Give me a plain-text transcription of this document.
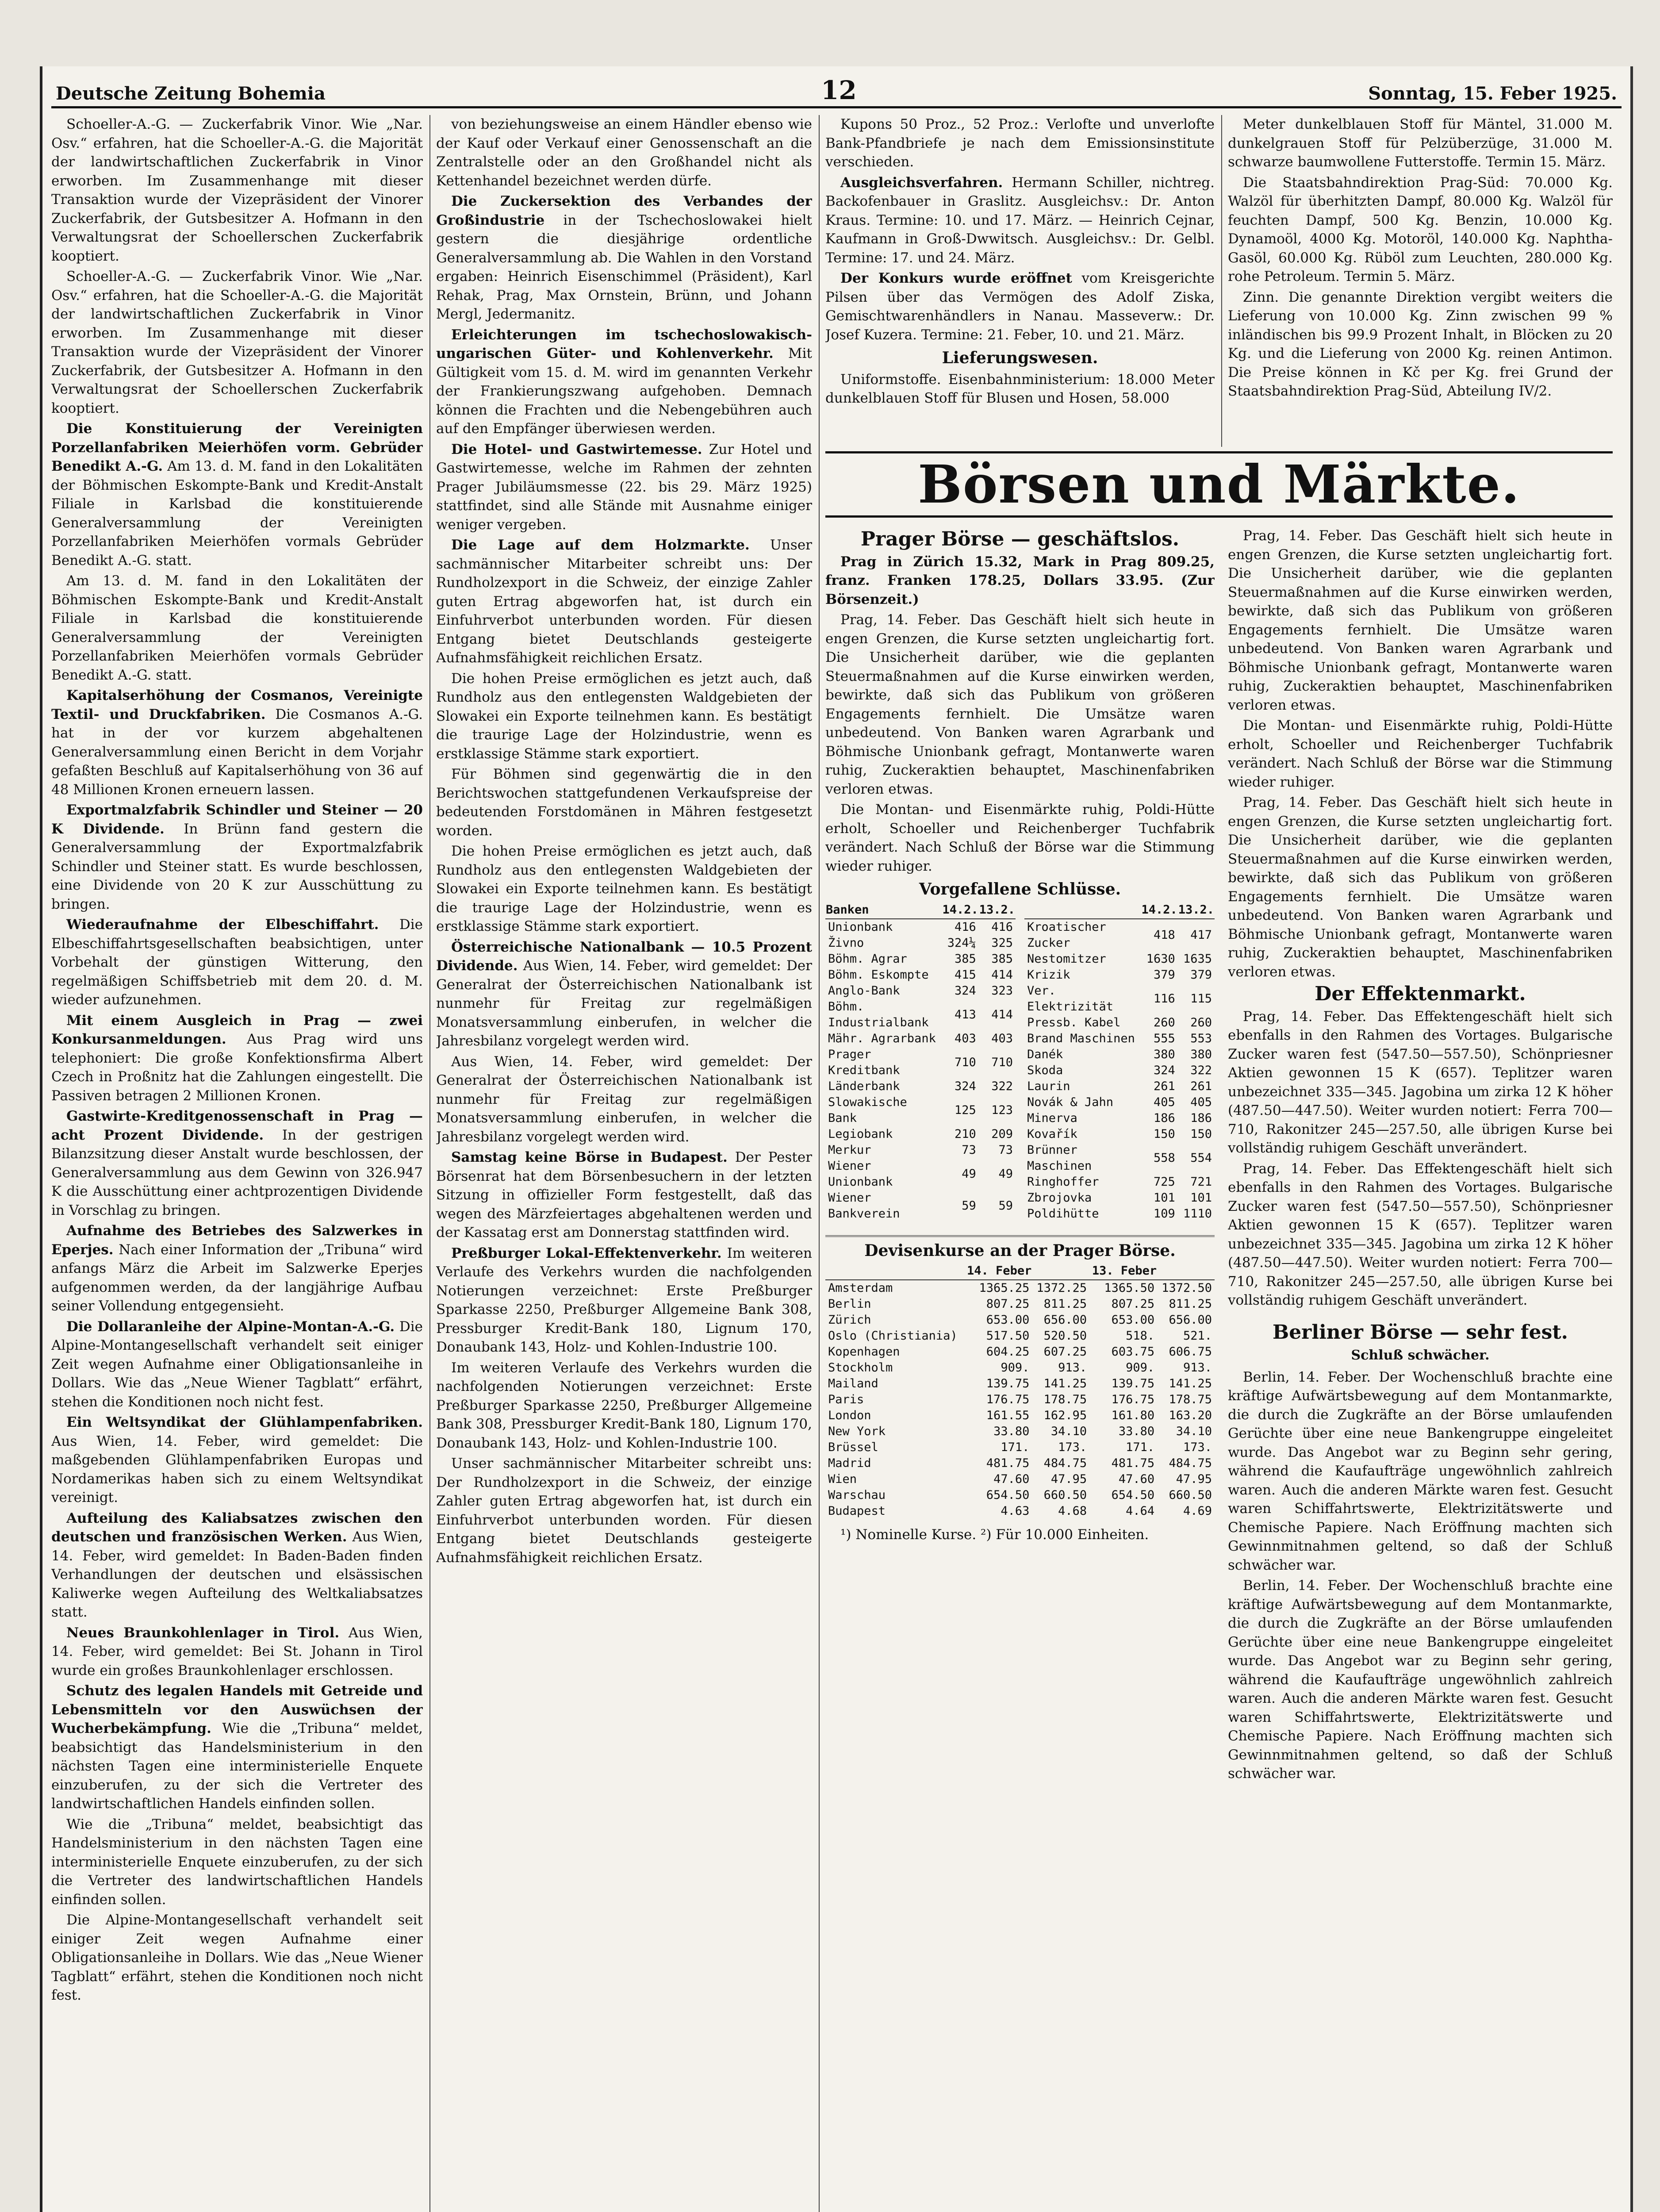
Deutsche Zeitung Bohemia	12	Sonntag, 15. Feber 1925.

Schoeller-A.-G. — Zuckerfabrik Vinor. Wie „Nar. Osv.“ erfahren, hat die Schoeller-A.-G. die Majorität der landwirtschaftlichen Zuckerfabrik in Vinor erworben. Im Zusammenhange mit dieser Transaktion wurde der Vizepräsident der Vinorer Zuckerfabrik, der Gutsbesitzer A. Hofmann in den Verwaltungsrat der Schoellerschen Zuckerfabrik kooptiert.

Schoeller-A.-G. — Zuckerfabrik Vinor. Wie „Nar. Osv.“ erfahren, hat die Schoeller-A.-G. die Majorität der landwirtschaftlichen Zuckerfabrik in Vinor erworben. Im Zusammenhange mit dieser Transaktion wurde der Vizepräsident der Vinorer Zuckerfabrik, der Gutsbesitzer A. Hofmann in den Verwaltungsrat der Schoellerschen Zuckerfabrik kooptiert.

Die Konstituierung der Vereinigten Porzellanfabriken Meierhöfen vorm. Gebrüder Benedikt A.-G. Am 13. d. M. fand in den Lokalitäten der Böhmischen Eskompte-Bank und Kredit-Anstalt Filiale in Karlsbad die konstituierende Generalversammlung der Vereinigten Porzellanfabriken Meierhöfen vormals Gebrüder Benedikt A.-G. statt.

Am 13. d. M. fand in den Lokalitäten der Böhmischen Eskompte-Bank und Kredit-Anstalt Filiale in Karlsbad die konstituierende Generalversammlung der Vereinigten Porzellanfabriken Meierhöfen vormals Gebrüder Benedikt A.-G. statt.

Kapitalserhöhung der Cosmanos, Vereinigte Textil- und Druckfabriken. Die Cosmanos A.-G. hat in der vor kurzem abgehaltenen Generalversammlung einen Bericht in dem Vorjahr gefaßten Beschluß auf Kapitalserhöhung von 36 auf 48 Millionen Kronen erneuern lassen.

Exportmalzfabrik Schindler und Steiner — 20 K Dividende. In Brünn fand gestern die Generalversammlung der Exportmalzfabrik Schindler und Steiner statt. Es wurde beschlossen, eine Dividende von 20 K zur Ausschüttung zu bringen.

Wiederaufnahme der Elbeschiffahrt. Die Elbeschiffahrtsgesellschaften beabsichtigen, unter Vorbehalt der günstigen Witterung, den regelmäßigen Schiffsbetrieb mit dem 20. d. M. wieder aufzunehmen.

Mit einem Ausgleich in Prag — zwei Konkursanmeldungen. Aus Prag wird uns telephoniert: Die große Konfektionsfirma Albert Czech in Proßnitz hat die Zahlungen eingestellt. Die Passiven betragen 2 Millionen Kronen.

Gastwirte-Kreditgenossenschaft in Prag — acht Prozent Dividende. In der gestrigen Bilanzsitzung dieser Anstalt wurde beschlossen, der Generalversammlung aus dem Gewinn von 326.947 K die Ausschüttung einer achtprozentigen Dividende in Vorschlag zu bringen.

Aufnahme des Betriebes des Salzwerkes in Eperjes. Nach einer Information der „Tribuna“ wird anfangs März die Arbeit im Salzwerke Eperjes aufgenommen werden, da der langjährige Aufbau seiner Vollendung entgegensieht.

Die Dollaranleihe der Alpine-Montan-A.-G. Die Alpine-Montangesellschaft verhandelt seit einiger Zeit wegen Aufnahme einer Obligationsanleihe in Dollars. Wie das „Neue Wiener Tagblatt“ erfährt, stehen die Konditionen noch nicht fest.

Ein Weltsyndikat der Glühlampenfabriken. Aus Wien, 14. Feber, wird gemeldet: Die maßgebenden Glühlampenfabriken Europas und Nordamerikas haben sich zu einem Weltsyndikat vereinigt.

Aufteilung des Kaliabsatzes zwischen den deutschen und französischen Werken. Aus Wien, 14. Feber, wird gemeldet: In Baden-Baden finden Verhandlungen der deutschen und elsässischen Kaliwerke wegen Aufteilung des Weltkaliabsatzes statt.

Neues Braunkohlenlager in Tirol. Aus Wien, 14. Feber, wird gemeldet: Bei St. Johann in Tirol wurde ein großes Braunkohlenlager erschlossen.

Schutz des legalen Handels mit Getreide und Lebensmitteln vor den Auswüchsen der Wucherbekämpfung. Wie die „Tribuna“ meldet, beabsichtigt das Handelsministerium in den nächsten Tagen eine interministerielle Enquete einzuberufen, zu der sich die Vertreter des landwirtschaftlichen Handels einfinden sollen.

Wie die „Tribuna“ meldet, beabsichtigt das Handelsministerium in den nächsten Tagen eine interministerielle Enquete einzuberufen, zu der sich die Vertreter des landwirtschaftlichen Handels einfinden sollen.

Die Alpine-Montangesellschaft verhandelt seit einiger Zeit wegen Aufnahme einer Obligationsanleihe in Dollars. Wie das „Neue Wiener Tagblatt“ erfährt, stehen die Konditionen noch nicht fest.

von beziehungsweise an einem Händler ebenso wie der Kauf oder Verkauf einer Genossenschaft an die Zentralstelle oder an den Großhandel nicht als Kettenhandel bezeichnet werden dürfe.

Die Zuckersektion des Verbandes der Großindustrie in der Tschechoslowakei hielt gestern die diesjährige ordentliche Generalversammlung ab. Die Wahlen in den Vorstand ergaben: Heinrich Eisenschimmel (Präsident), Karl Rehak, Prag, Max Ornstein, Brünn, und Johann Mergl, Jedermanitz.

Erleichterungen im tschechoslowakisch-ungarischen Güter- und Kohlenverkehr. Mit Gültigkeit vom 15. d. M. wird im genannten Verkehr der Frankierungszwang aufgehoben. Demnach können die Frachten und die Nebengebühren auch auf den Empfänger überwiesen werden.

Die Hotel- und Gastwirtemesse. Zur Hotel und Gastwirtemesse, welche im Rahmen der zehnten Prager Jubiläumsmesse (22. bis 29. März 1925) stattfindet, sind alle Stände mit Ausnahme einiger weniger vergeben.

Die Lage auf dem Holzmarkte. Unser sachmännischer Mitarbeiter schreibt uns: Der Rundholzexport in die Schweiz, der einzige Zahler guten Ertrag abgeworfen hat, ist durch ein Einfuhrverbot unterbunden worden. Für diesen Entgang bietet Deutschlands gesteigerte Aufnahmsfähigkeit reichlichen Ersatz.

Die hohen Preise ermöglichen es jetzt auch, daß Rundholz aus den entlegensten Waldgebieten der Slowakei ein Exporte teilnehmen kann. Es bestätigt die traurige Lage der Holzindustrie, wenn es erstklassige Stämme stark exportiert.

Für Böhmen sind gegenwärtig die in den Berichtswochen stattgefundenen Verkaufspreise der bedeutenden Forstdomänen in Mähren festgesetzt worden.

Die hohen Preise ermöglichen es jetzt auch, daß Rundholz aus den entlegensten Waldgebieten der Slowakei ein Exporte teilnehmen kann. Es bestätigt die traurige Lage der Holzindustrie, wenn es erstklassige Stämme stark exportiert.

Österreichische Nationalbank — 10.5 Prozent Dividende. Aus Wien, 14. Feber, wird gemeldet: Der Generalrat der Österreichischen Nationalbank ist nunmehr für Freitag zur regelmäßigen Monatsversammlung einberufen, in welcher die Jahresbilanz vorgelegt werden wird.

Aus Wien, 14. Feber, wird gemeldet: Der Generalrat der Österreichischen Nationalbank ist nunmehr für Freitag zur regelmäßigen Monatsversammlung einberufen, in welcher die Jahresbilanz vorgelegt werden wird.

Samstag keine Börse in Budapest. Der Pester Börsenrat hat dem Börsenbesuchern in der letzten Sitzung in offizieller Form festgestellt, daß das wegen des Märzfeiertages abgehaltenen werden und der Kassatag erst am Donnerstag stattfinden wird.

Preßburger Lokal-Effektenverkehr. Im weiteren Verlaufe des Verkehrs wurden die nachfolgenden Notierungen verzeichnet: Erste Preßburger Sparkasse 2250, Preßburger Allgemeine Bank 308, Pressburger Kredit-Bank 180, Lignum 170, Donaubank 143, Holz- und Kohlen-Industrie 100.

Im weiteren Verlaufe des Verkehrs wurden die nachfolgenden Notierungen verzeichnet: Erste Preßburger Sparkasse 2250, Preßburger Allgemeine Bank 308, Pressburger Kredit-Bank 180, Lignum 170, Donaubank 143, Holz- und Kohlen-Industrie 100.

Unser sachmännischer Mitarbeiter schreibt uns: Der Rundholzexport in die Schweiz, der einzige Zahler guten Ertrag abgeworfen hat, ist durch ein Einfuhrverbot unterbunden worden. Für diesen Entgang bietet Deutschlands gesteigerte Aufnahmsfähigkeit reichlichen Ersatz.

Kupons 50 Proz., 52 Proz.: Verlofte und unverlofte Bank-Pfandbriefe je nach dem Emissionsinstitute verschieden.

Ausgleichsverfahren. Hermann Schiller, nichtreg. Backofenbauer in Graslitz. Ausgleichsv.: Dr. Anton Kraus. Termine: 10. und 17. März. — Heinrich Cejnar, Kaufmann in Groß-Dwwitsch. Ausgleichsv.: Dr. Gelbl. Termine: 17. und 24. März.

Der Konkurs wurde eröffnet vom Kreisgerichte Pilsen über das Vermögen des Adolf Ziska, Gemischtwarenhändlers in Nanau. Masseverw.: Dr. Josef Kuzera. Termine: 21. Feber, 10. und 21. März.

Lieferungswesen.

Uniformstoffe. Eisenbahnministerium: 18.000 Meter dunkelblauen Stoff für Blusen und Hosen, 58.000

Meter dunkelblauen Stoff für Mäntel, 31.000 M. dunkelgrauen Stoff für Pelzüberzüge, 31.000 M. schwarze baumwollene Futterstoffe. Termin 15. März.

Die Staatsbahndirektion Prag-Süd: 70.000 Kg. Walzöl für überhitzten Dampf, 80.000 Kg. Walzöl für feuchten Dampf, 500 Kg. Benzin, 10.000 Kg. Dynamoöl, 4000 Kg. Motoröl, 140.000 Kg. Naphtha-Gasöl, 60.000 Kg. Rüböl zum Leuchten, 280.000 Kg. rohe Petroleum. Termin 5. März.

Zinn. Die genannte Direktion vergibt weiters die Lieferung von 10.000 Kg. Zinn zwischen 99 % inländischen bis 99.9 Prozent Inhalt, in Blöcken zu 20 Kg. und die Lieferung von 2000 Kg. reinen Antimon. Die Preise können in Kč per Kg. frei Grund der Staatsbahndirektion Prag-Süd, Abteilung IV/2.

Börsen und Märkte.
Prager Börse — geschäftslos.

Prag in Zürich 15.32, Mark in Prag 809.25, franz. Franken 178.25, Dollars 33.95. (Zur Börsenzeit.)

Prag, 14. Feber. Das Geschäft hielt sich heute in engen Grenzen, die Kurse setzten ungleichartig fort. Die Unsicherheit darüber, wie die geplanten Steuermaßnahmen auf die Kurse einwirken werden, bewirkte, daß sich das Publikum von größeren Engagements fernhielt. Die Umsätze waren unbedeutend. Von Banken waren Agrarbank und Böhmische Unionbank gefragt, Montanwerte waren ruhig, Zuckeraktien behauptet, Maschinenfabriken verloren etwas.

Die Montan- und Eisenmärkte ruhig, Poldi-Hütte erholt, Schoeller und Reichenberger Tuchfabrik verändert. Nach Schluß der Börse war die Stimmung wieder ruhiger.

Vorgefallene Schlüsse.
Banken	14.2.	13.2.
Unionbank	416	416
Živno	324¼	325
Böhm. Agrar	385	385
Böhm. Eskompte	415	414
Anglo-Bank	324	323
Böhm. Industrialbank	413	414
Mähr. Agrarbank	403	403
Prager Kreditbank	710	710
Länderbank	324	322
Slowakische Bank	125	123
Legiobank	210	209
Merkur	73	73
Wiener Unionbank	49	49
Wiener Bankverein	59	59
	14.2.	13.2.
Kroatischer Zucker	418	417
Nestomitzer	1630	1635
Krizik	379	379
Ver. Elektrizität	116	115
Pressb. Kabel	260	260
Brand Maschinen	555	553
Danék	380	380
Skoda	324	322
Laurin	261	261
Novák & Jahn	405	405
Minerva	186	186
Kovařík	150	150
Brünner Maschinen	558	554
Ringhoffer	725	721
Zbrojovka	101	101
Poldihütte	109	1110
Devisenkurse an der Prager Börse.
	14. Feber		13. Feber	
Amsterdam	1365.25	1372.25	1365.50	1372.50
Berlin	807.25	811.25	807.25	811.25
Zürich	653.00	656.00	653.00	656.00
Oslo (Christiania)	517.50	520.50	518.	521.
Kopenhagen	604.25	607.25	603.75	606.75
Stockholm	909.	913.	909.	913.
Mailand	139.75	141.25	139.75	141.25
Paris	176.75	178.75	176.75	178.75
London	161.55	162.95	161.80	163.20
New York	33.80	34.10	33.80	34.10
Brüssel	171.	173.	171.	173.
Madrid	481.75	484.75	481.75	484.75
Wien	47.60	47.95	47.60	47.95
Warschau	654.50	660.50	654.50	660.50
Budapest	4.63	4.68	4.64	4.69

¹) Nominelle Kurse. ²) Für 10.000 Einheiten.

Prag, 14. Feber. Das Geschäft hielt sich heute in engen Grenzen, die Kurse setzten ungleichartig fort. Die Unsicherheit darüber, wie die geplanten Steuermaßnahmen auf die Kurse einwirken werden, bewirkte, daß sich das Publikum von größeren Engagements fernhielt. Die Umsätze waren unbedeutend. Von Banken waren Agrarbank und Böhmische Unionbank gefragt, Montanwerte waren ruhig, Zuckeraktien behauptet, Maschinenfabriken verloren etwas.

Die Montan- und Eisenmärkte ruhig, Poldi-Hütte erholt, Schoeller und Reichenberger Tuchfabrik verändert. Nach Schluß der Börse war die Stimmung wieder ruhiger.

Prag, 14. Feber. Das Geschäft hielt sich heute in engen Grenzen, die Kurse setzten ungleichartig fort. Die Unsicherheit darüber, wie die geplanten Steuermaßnahmen auf die Kurse einwirken werden, bewirkte, daß sich das Publikum von größeren Engagements fernhielt. Die Umsätze waren unbedeutend. Von Banken waren Agrarbank und Böhmische Unionbank gefragt, Montanwerte waren ruhig, Zuckeraktien behauptet, Maschinenfabriken verloren etwas.

Der Effektenmarkt.

Prag, 14. Feber. Das Effektengeschäft hielt sich ebenfalls in den Rahmen des Vortages. Bulgarische Zucker waren fest (547.50—557.50), Schönpriesner Aktien gewonnen 15 K (657). Teplitzer waren unbezeichnet 335—345. Jagobina um zirka 12 K höher (487.50—447.50). Weiter wurden notiert: Ferra 700—710, Rakonitzer 245—257.50, alle übrigen Kurse bei vollständig ruhigem Geschäft unverändert.

Prag, 14. Feber. Das Effektengeschäft hielt sich ebenfalls in den Rahmen des Vortages. Bulgarische Zucker waren fest (547.50—557.50), Schönpriesner Aktien gewonnen 15 K (657). Teplitzer waren unbezeichnet 335—345. Jagobina um zirka 12 K höher (487.50—447.50). Weiter wurden notiert: Ferra 700—710, Rakonitzer 245—257.50, alle übrigen Kurse bei vollständig ruhigem Geschäft unverändert.

Berliner Börse — sehr fest.
Schluß schwächer.

Berlin, 14. Feber. Der Wochenschluß brachte eine kräftige Aufwärtsbewegung auf dem Montanmarkte, die durch die Zugkräfte an der Börse umlaufenden Gerüchte über eine neue Bankengruppe eingeleitet wurde. Das Angebot war zu Beginn sehr gering, während die Kaufaufträge ungewöhnlich zahlreich waren. Auch die anderen Märkte waren fest. Gesucht waren Schiffahrtswerte, Elektrizitätswerte und Chemische Papiere. Nach Eröffnung machten sich Gewinnmitnahmen geltend, so daß der Schluß schwächer war.

Berlin, 14. Feber. Der Wochenschluß brachte eine kräftige Aufwärtsbewegung auf dem Montanmarkte, die durch die Zugkräfte an der Börse umlaufenden Gerüchte über eine neue Bankengruppe eingeleitet wurde. Das Angebot war zu Beginn sehr gering, während die Kaufaufträge ungewöhnlich zahlreich waren. Auch die anderen Märkte waren fest. Gesucht waren Schiffahrtswerte, Elektrizitätswerte und Chemische Papiere. Nach Eröffnung machten sich Gewinnmitnahmen geltend, so daß der Schluß schwächer war.
